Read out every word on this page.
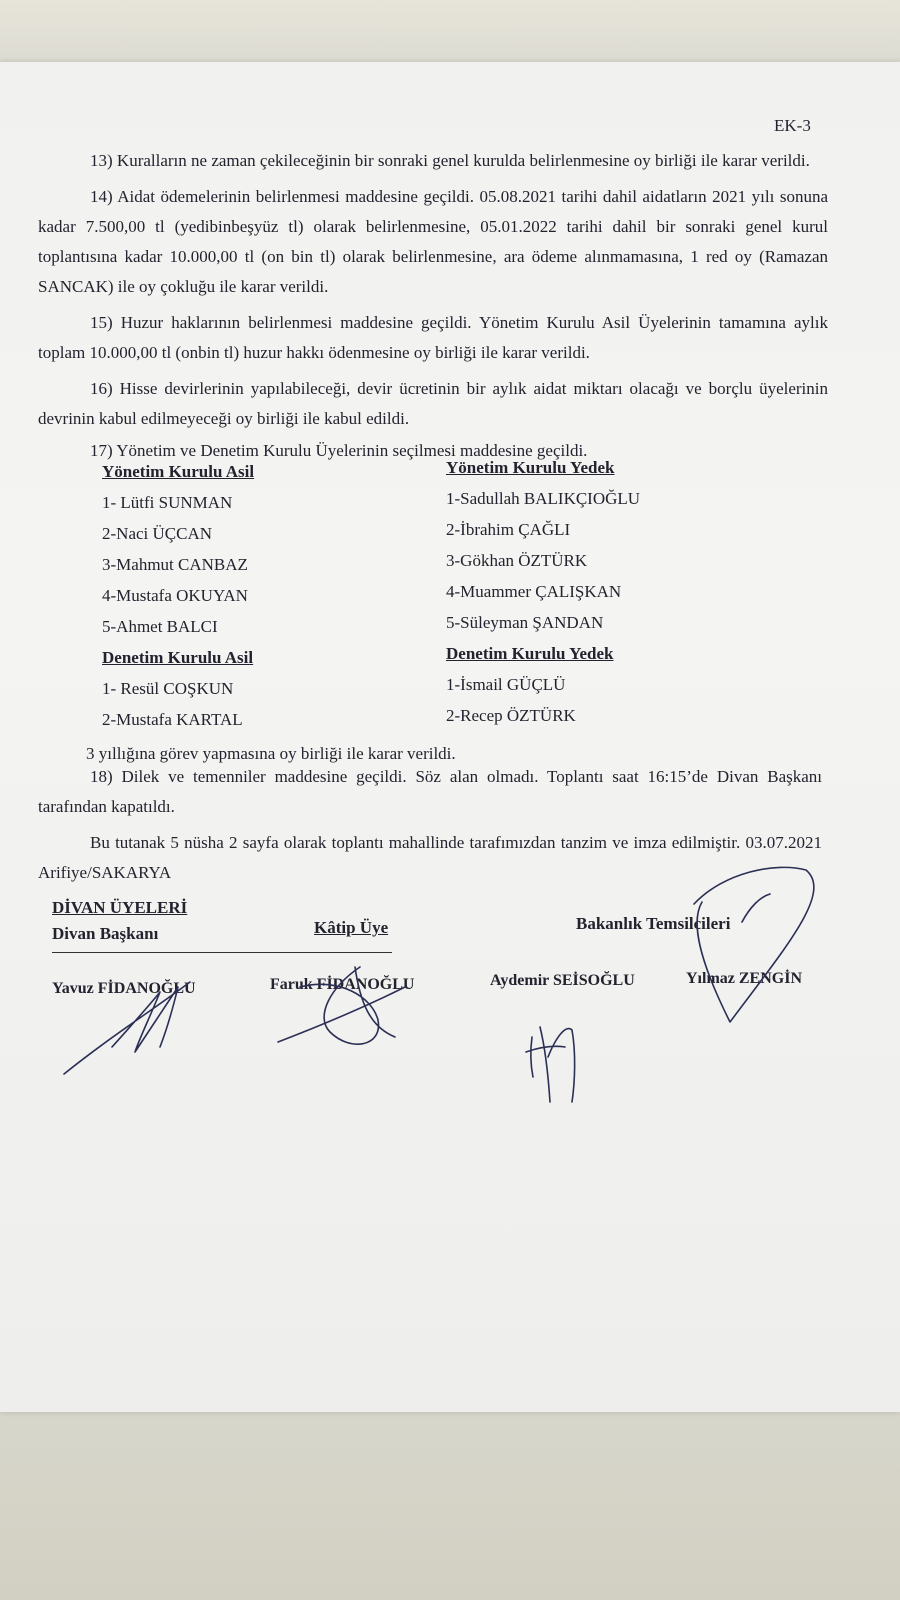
EK-3

13) Kuralların ne zaman çekileceğinin bir sonraki genel kurulda belirlenmesine oy birliği ile karar verildi.

14) Aidat ödemelerinin belirlenmesi maddesine geçildi. 05.08.2021 tarihi dahil aidatların 2021 yılı sonuna kadar 7.500,00 tl (yedibinbeşyüz tl) olarak belirlenmesine, 05.01.2022 tarihi dahil bir sonraki genel kurul toplantısına kadar 10.000,00 tl (on bin tl) olarak belirlenmesine, ara ödeme alınmamasına, 1 red oy (Ramazan SANCAK) ile oy çokluğu ile karar verildi.

15) Huzur haklarının belirlenmesi maddesine geçildi. Yönetim Kurulu Asil Üyelerinin tamamına aylık toplam 10.000,00 tl (onbin tl) huzur hakkı ödenmesine oy birliği ile karar verildi.

16) Hisse devirlerinin yapılabileceği, devir ücretinin bir aylık aidat miktarı olacağı ve borçlu üyelerinin devrinin kabul edilmeyeceği oy birliği ile kabul edildi.

17) Yönetim ve Denetim Kurulu Üyelerinin seçilmesi maddesine geçildi.

Yönetim Kurulu Asil
1- Lütfi SUNMAN
2-Naci ÜÇCAN
3-Mahmut CANBAZ
4-Mustafa OKUYAN
5-Ahmet BALCI
Denetim Kurulu Asil
1- Resül COŞKUN
2-Mustafa KARTAL
Yönetim Kurulu Yedek
1-Sadullah BALIKÇIOĞLU
2-İbrahim ÇAĞLI
3-Gökhan ÖZTÜRK
4-Muammer ÇALIŞKAN
5-Süleyman ŞANDAN
Denetim Kurulu Yedek
1-İsmail GÜÇLÜ
2-Recep ÖZTÜRK
3 yıllığına görev yapmasına oy birliği ile karar verildi.

18) Dilek ve temenniler maddesine geçildi. Söz alan olmadı. Toplantı saat 16:15’de Divan Başkanı tarafından kapatıldı.

Bu tutanak 5 nüsha 2 sayfa olarak toplantı mahallinde tarafımızdan tanzim ve imza edilmiştir. 03.07.2021 Arifiye/SAKARYA

DİVAN ÜYELERİ
Divan Başkanı	Kâtip Üye	Bakanlık Temsilcileri
Yavuz FİDANOĞLU	Faruk FİDANOĞLU	Aydemir SEİSOĞLU	Yılmaz ZENGİN
